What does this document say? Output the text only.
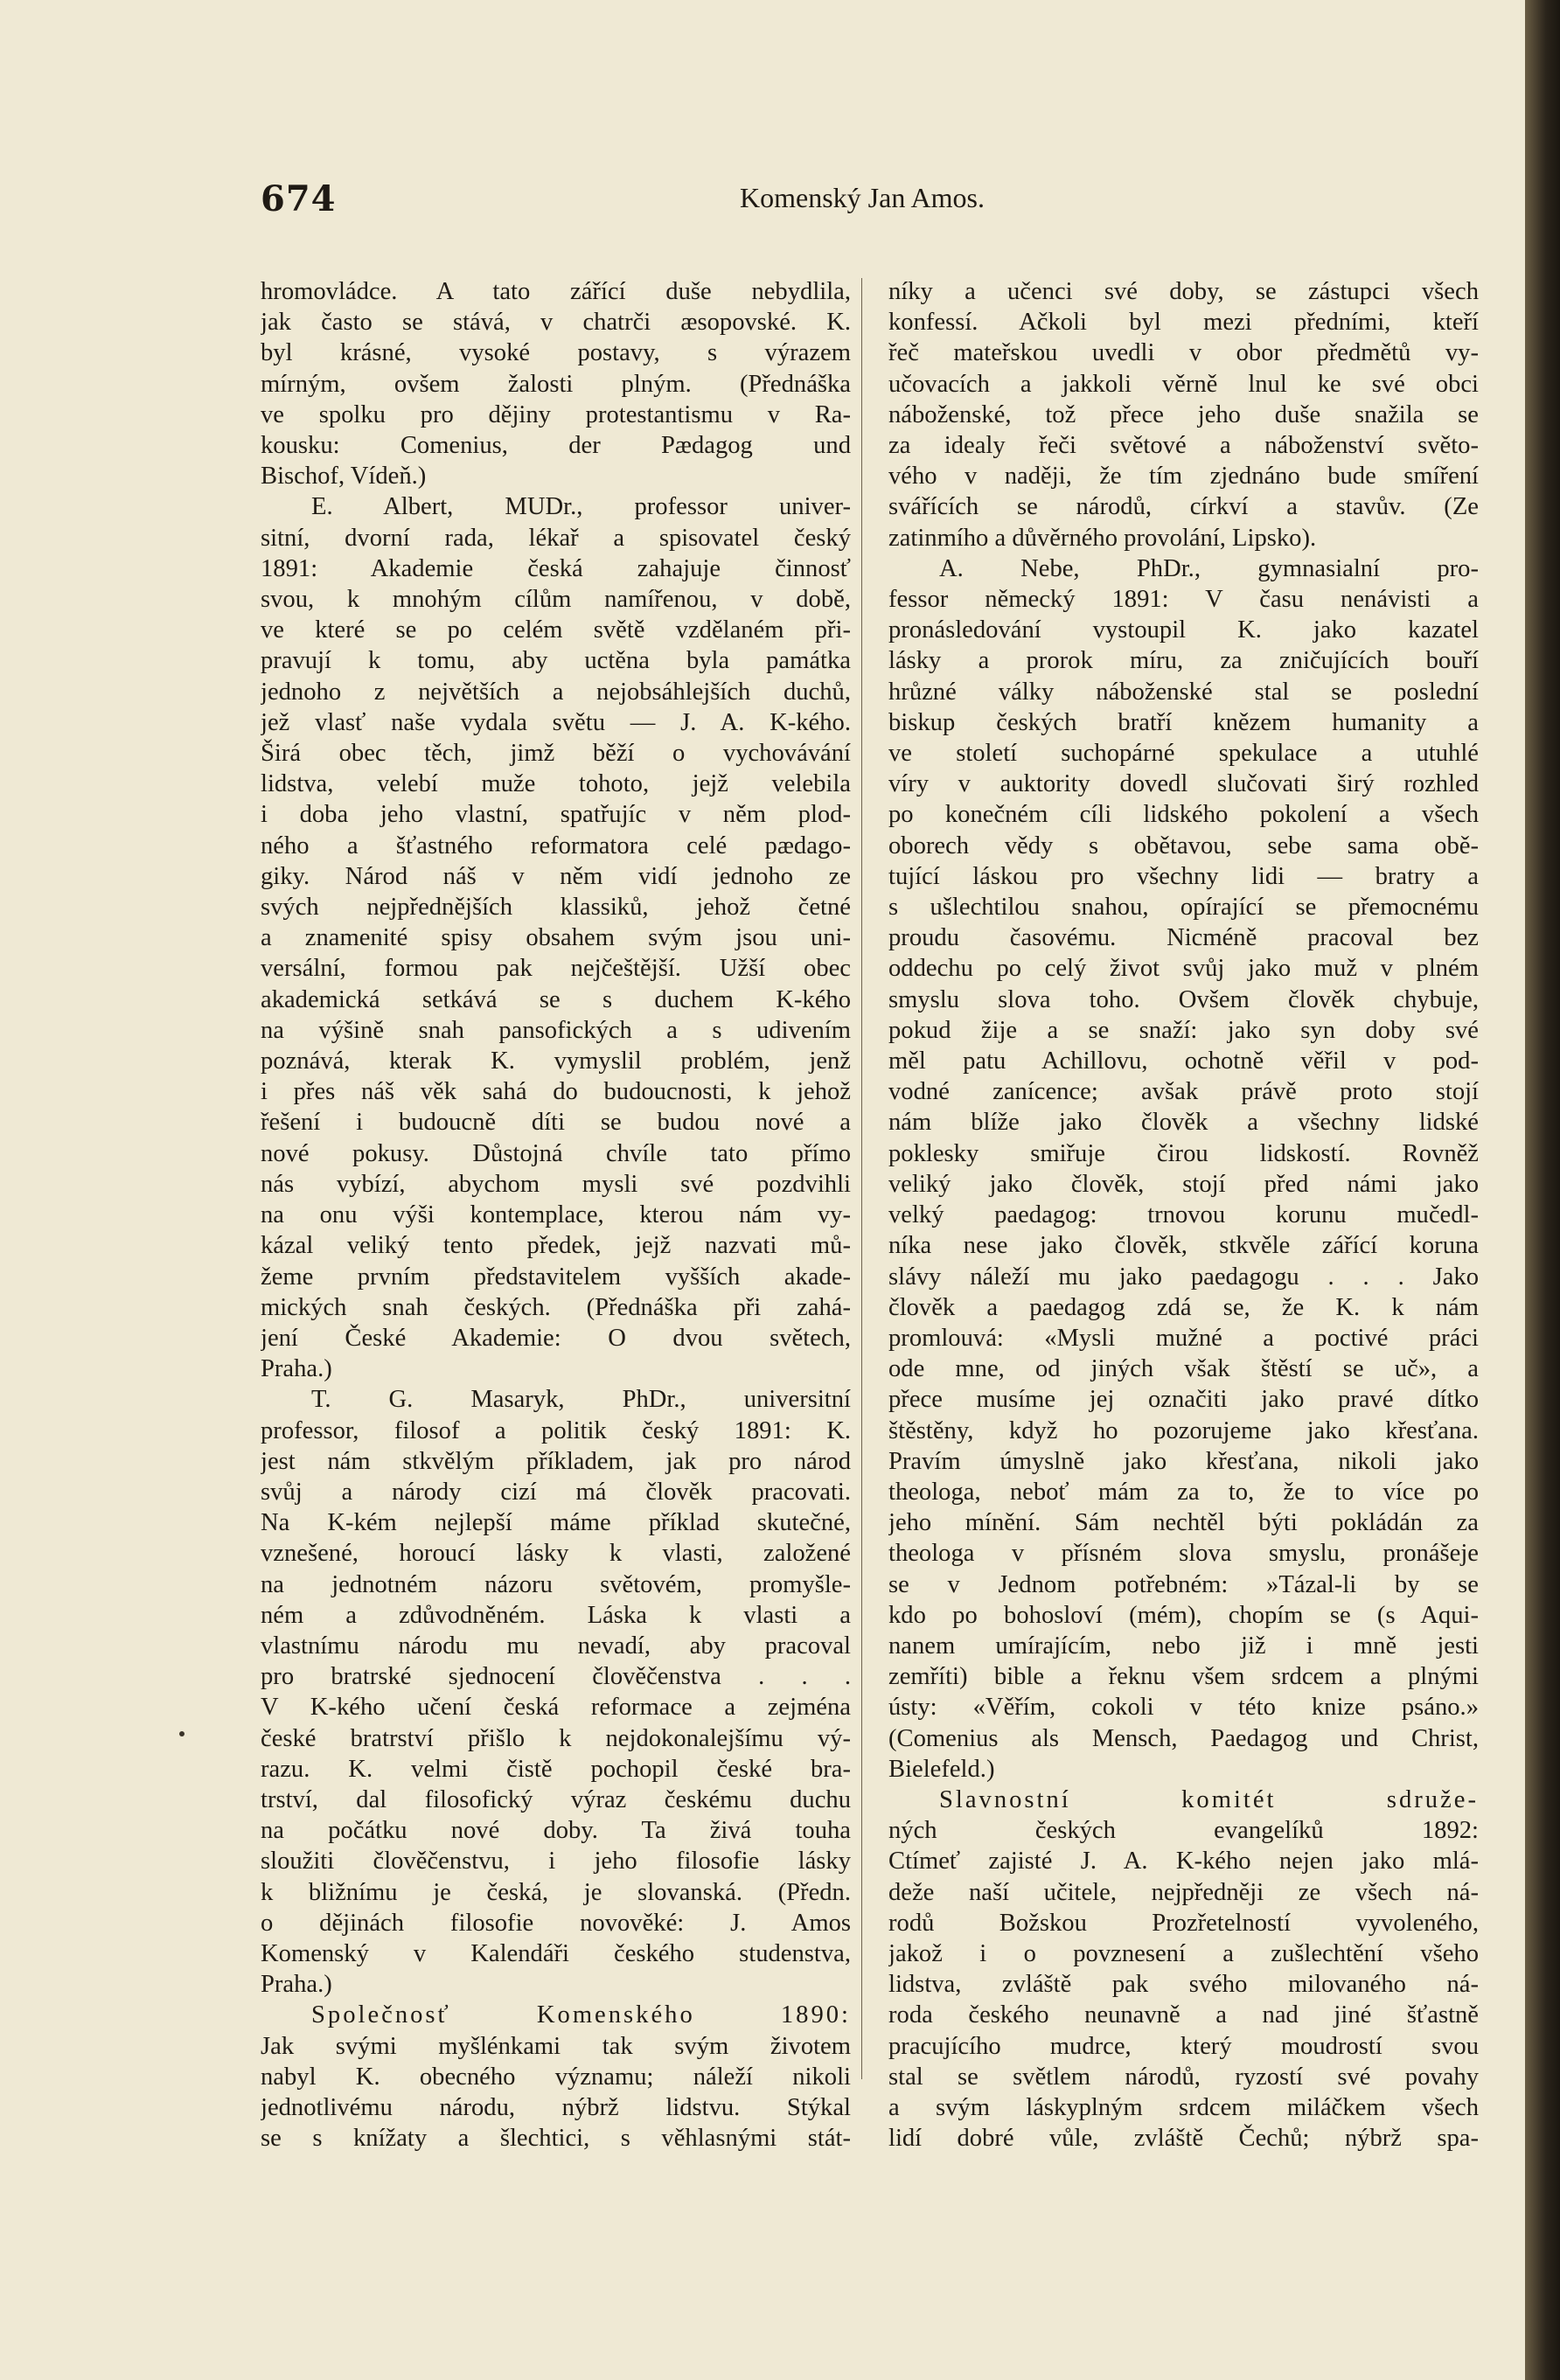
674	Komenský Jan Amos.
hromovládce. A tato zářící duše nebydlila,
jak často se stává, v chatrči æsopovské. K.
byl krásné, vysoké postavy, s výrazem
mírným, ovšem žalosti plným. (Přednáška
ve spolku pro dějiny protestantismu v Ra-
kousku: Comenius, der Pædagog und
Bischof, Vídeň.)
E. Albert, MUDr., professor univer-
sitní, dvorní rada, lékař a spisovatel český
1891: Akademie česká zahajuje činnosť
svou, k mnohým cílům namířenou, v době,
ve které se po celém světě vzdělaném při-
pravují k tomu, aby uctěna byla památka
jednoho z největších a nejobsáhlejších duchů,
jež vlasť naše vydala světu — J. A. K-kého.
Širá obec těch, jimž běží o vychovávání
lidstva, velebí muže tohoto, jejž velebila
i doba jeho vlastní, spatřujíc v něm plod-
ného a šťastného reformatora celé pædago-
giky. Národ náš v něm vidí jednoho ze
svých nejpřednějších klassiků, jehož četné
a znamenité spisy obsahem svým jsou uni-
versální, formou pak nejčeštější. Užší obec
akademická setkává se s duchem K-kého
na výšině snah pansofických a s udivením
poznává, kterak K. vymyslil problém, jenž
i přes náš věk sahá do budoucnosti, k jehož
řešení i budoucně díti se budou nové a
nové pokusy. Důstojná chvíle tato přímo
nás vybízí, abychom mysli své pozdvihli
na onu výši kontemplace, kterou nám vy-
kázal veliký tento předek, jejž nazvati mů-
žeme prvním představitelem vyšších akade-
mických snah českých. (Přednáška při zahá-
jení České Akademie: O dvou světech,
Praha.)
T. G. Masaryk, PhDr., universitní
professor, filosof a politik český 1891: K.
jest nám stkvělým příkladem, jak pro národ
svůj a národy cizí má člověk pracovati.
Na K-kém nejlepší máme příklad skutečné,
vznešené, horoucí lásky k vlasti, založené
na jednotném názoru světovém, promyšle-
ném a zdůvodněném. Láska k vlasti a
vlastnímu národu mu nevadí, aby pracoval
pro bratrské sjednocení člověčenstva . . .
V K-kého učení česká reformace a zejména
české bratrství přišlo k nejdokonalejšímu vý-
razu. K. velmi čistě pochopil české bra-
trství, dal filosofický výraz českému duchu
na počátku nové doby. Ta živá touha
sloužiti člověčenstvu, i jeho filosofie lásky
k bližnímu je česká, je slovanská. (Předn.
o dějinách filosofie novověké: J. Amos
Komenský v Kalendáři českého studenstva,
Praha.)
Společnosť Komenského 1890:
Jak svými myšlénkami tak svým životem
nabyl K. obecného významu; náleží nikoli
jednotlivému národu, nýbrž lidstvu. Stýkal
se s knížaty a šlechtici, s věhlasnými stát-
níky a učenci své doby, se zástupci všech
konfessí. Ačkoli byl mezi předními, kteří
řeč mateřskou uvedli v obor předmětů vy-
učovacích a jakkoli věrně lnul ke své obci
náboženské, tož přece jeho duše snažila se
za idealy řeči světové a náboženství světo-
vého v naději, že tím zjednáno bude smíření
svářících se národů, církví a stavův. (Ze
zatinmího a důvěrného provolání, Lipsko).
A. Nebe, PhDr., gymnasialní pro-
fessor německý 1891: V času nenávisti a
pronásledování vystoupil K. jako kazatel
lásky a prorok míru, za zničujících bouří
hrůzné války náboženské stal se poslední
biskup českých bratří knězem humanity a
ve století suchopárné spekulace a utuhlé
víry v auktority dovedl slučovati širý rozhled
po konečném cíli lidského pokolení a všech
oborech vědy s obětavou, sebe sama obě-
tující láskou pro všechny lidi — bratry a
s ušlechtilou snahou, opírající se přemocnému
proudu časovému. Nicméně pracoval bez
oddechu po celý život svůj jako muž v plném
smyslu slova toho. Ovšem člověk chybuje,
pokud žije a se snaží: jako syn doby své
měl patu Achillovu, ochotně věřil v pod-
vodné zanícence; avšak právě proto stojí
nám blíže jako člověk a všechny lidské
poklesky smiřuje čirou lidskostí. Rovněž
veliký jako člověk, stojí před námi jako
velký paedagog: trnovou korunu mučedl-
níka nese jako člověk, stkvěle zářící koruna
slávy náleží mu jako paedagogu . . . Jako
člověk a paedagog zdá se, že K. k nám
promlouvá: «Mysli mužné a poctivé práci
ode mne, od jiných však štěstí se uč», a
přece musíme jej označiti jako pravé dítko
štěstěny, když ho pozorujeme jako křesťana.
Pravím úmyslně jako křesťana, nikoli jako
theologa, neboť mám za to, že to více po
jeho mínění. Sám nechtěl býti pokládán za
theologa v přísném slova smyslu, pronášeje
se v Jednom potřebném: »Tázal-li by se
kdo po bohosloví (mém), chopím se (s Aqui-
nanem umírajícím, nebo již i mně jesti
zemříti) bible a řeknu všem srdcem a plnými
ústy: «Věřím, cokoli v této knize psáno.»
(Comenius als Mensch, Paedagog und Christ,
Bielefeld.)
Slavnostní komitét sdruže-
ných českých evangelíků 1892:
Ctímeť zajisté J. A. K-kého nejen jako mlá-
deže naší učitele, nejpředněji ze všech ná-
rodů Božskou Prozřetelností vyvoleného,
jakož i o povznesení a zušlechtění všeho
lidstva, zvláště pak svého milovaného ná-
roda českého neunavně a nad jiné šťastně
pracujícího mudrce, který moudrostí svou
stal se světlem národů, ryzostí své povahy
a svým láskyplným srdcem miláčkem všech
lidí dobré vůle, zvláště Čechů; nýbrž spa-
